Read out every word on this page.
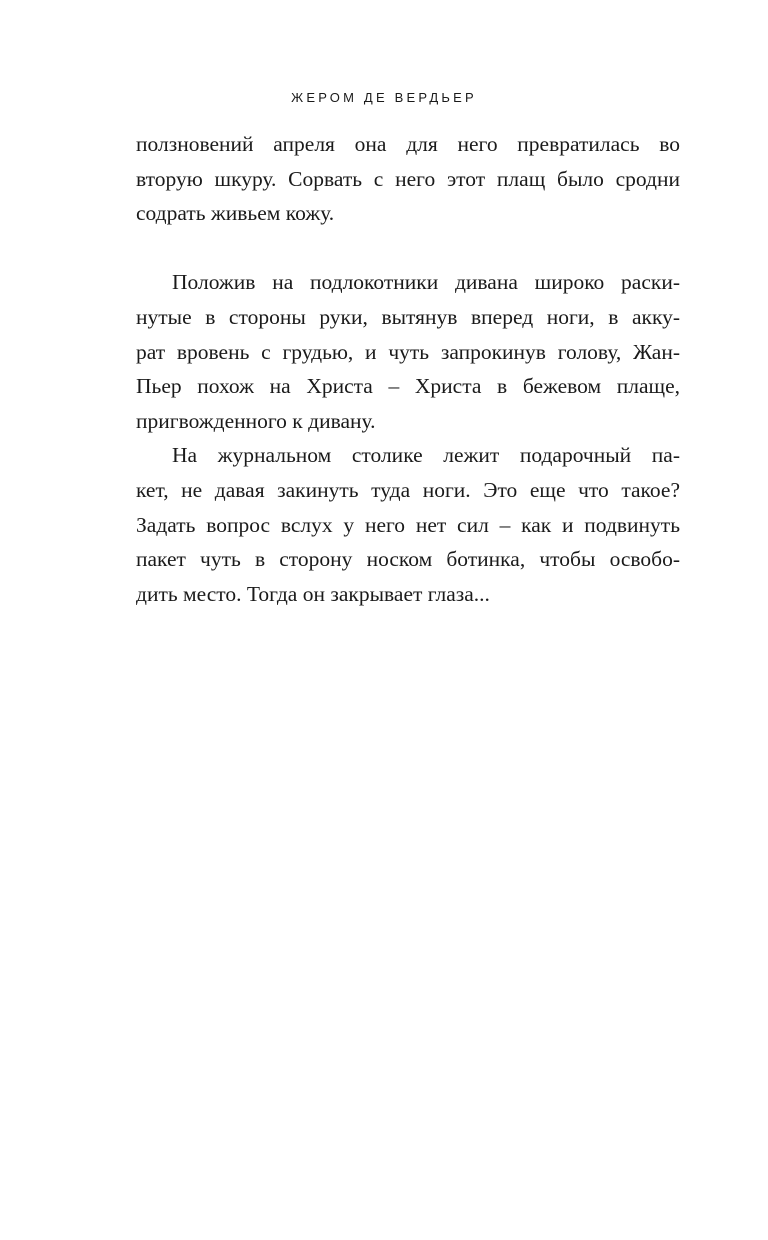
ЖЕРОМ ДЕ ВЕРДЬЕР
ползновений апреля она для него превратилась во
вторую шкуру. Сорвать с него этот плащ было сродни
содрать живьем кожу.
Положив на подлокотники дивана широко раски-
нутые в стороны руки, вытянув вперед ноги, в акку-
рат вровень с грудью, и чуть запрокинув голову, Жан-
Пьер похож на Христа – Христа в бежевом плаще,
пригвожденного к дивану.
На журнальном столике лежит подарочный па-
кет, не давая закинуть туда ноги. Это еще что такое?
Задать вопрос вслух у него нет сил – как и подвинуть
пакет чуть в сторону носком ботинка, чтобы освобо-
дить место. Тогда он закрывает глаза...
